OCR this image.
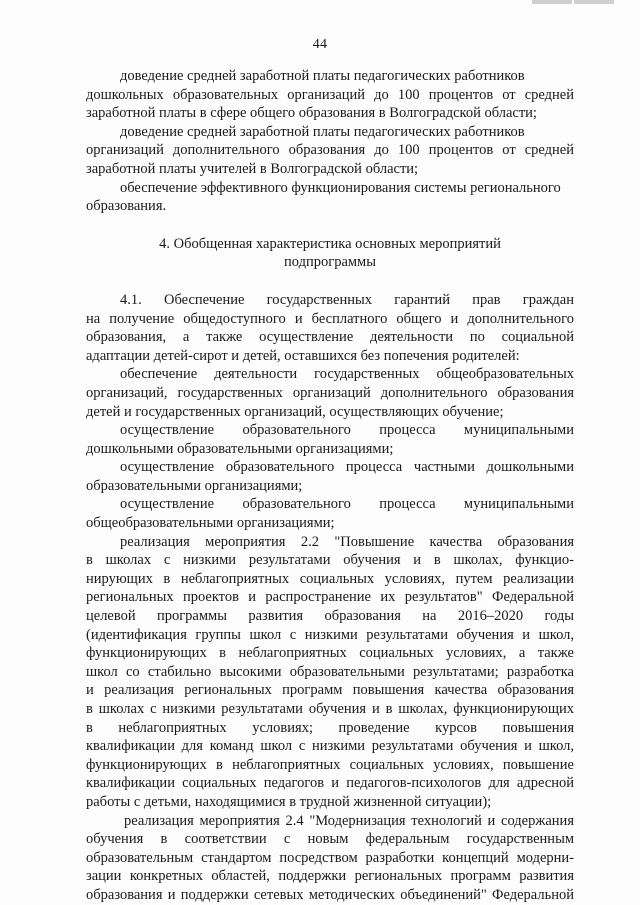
44
доведение средней заработной платы педагогических работников
дошкольных образовательных организаций до 100 процентов от средней
заработной платы в сфере общего образования в Волгоградской области;
доведение средней заработной платы педагогических работников
организаций дополнительного образования до 100 процентов от средней
заработной платы учителей в Волгоградской области;
обеспечение эффективного функционирования системы регионального
образования.
4. Обобщенная характеристика основных мероприятий
подпрограммы
4.1. Обеспечение государственных гарантий прав граждан
на получение общедоступного и бесплатного общего и дополнительного
образования, а также осуществление деятельности по социальной
адаптации детей-сирот и детей, оставшихся без попечения родителей:
обеспечение деятельности государственных общеобразовательных
организаций, государственных организаций дополнительного образования
детей и государственных организаций, осуществляющих обучение;
осуществление образовательного процесса муниципальными
дошкольными образовательными организациями;
осуществление образовательного процесса частными дошкольными
образовательными организациями;
осуществление образовательного процесса муниципальными
общеобразовательными организациями;
реализация мероприятия 2.2 "Повышение качества образования
в школах с низкими результатами обучения и в школах, функцио-
нирующих в неблагоприятных социальных условиях, путем реализации
региональных проектов и распространение их результатов" Федеральной
целевой программы развития образования на 2016–2020 годы
(идентификация группы школ с низкими результатами обучения и школ,
функционирующих в неблагоприятных социальных условиях, а также
школ со стабильно высокими образовательными результатами; разработка
и реализация региональных программ повышения качества образования
в школах с низкими результатами обучения и в школах, функционирующих
в неблагоприятных условиях; проведение курсов повышения
квалификации для команд школ с низкими результатами обучения и школ,
функционирующих в неблагоприятных социальных условиях, повышение
квалификации социальных педагогов и педагогов-психологов для адресной
работы с детьми, находящимися в трудной жизненной ситуации);
реализация мероприятия 2.4 "Модернизация технологий и содержания
обучения в соответствии с новым федеральным государственным
образовательным стандартом посредством разработки концепций модерни-
зации конкретных областей, поддержки региональных программ развития
образования и поддержки сетевых методических объединений" Федеральной
